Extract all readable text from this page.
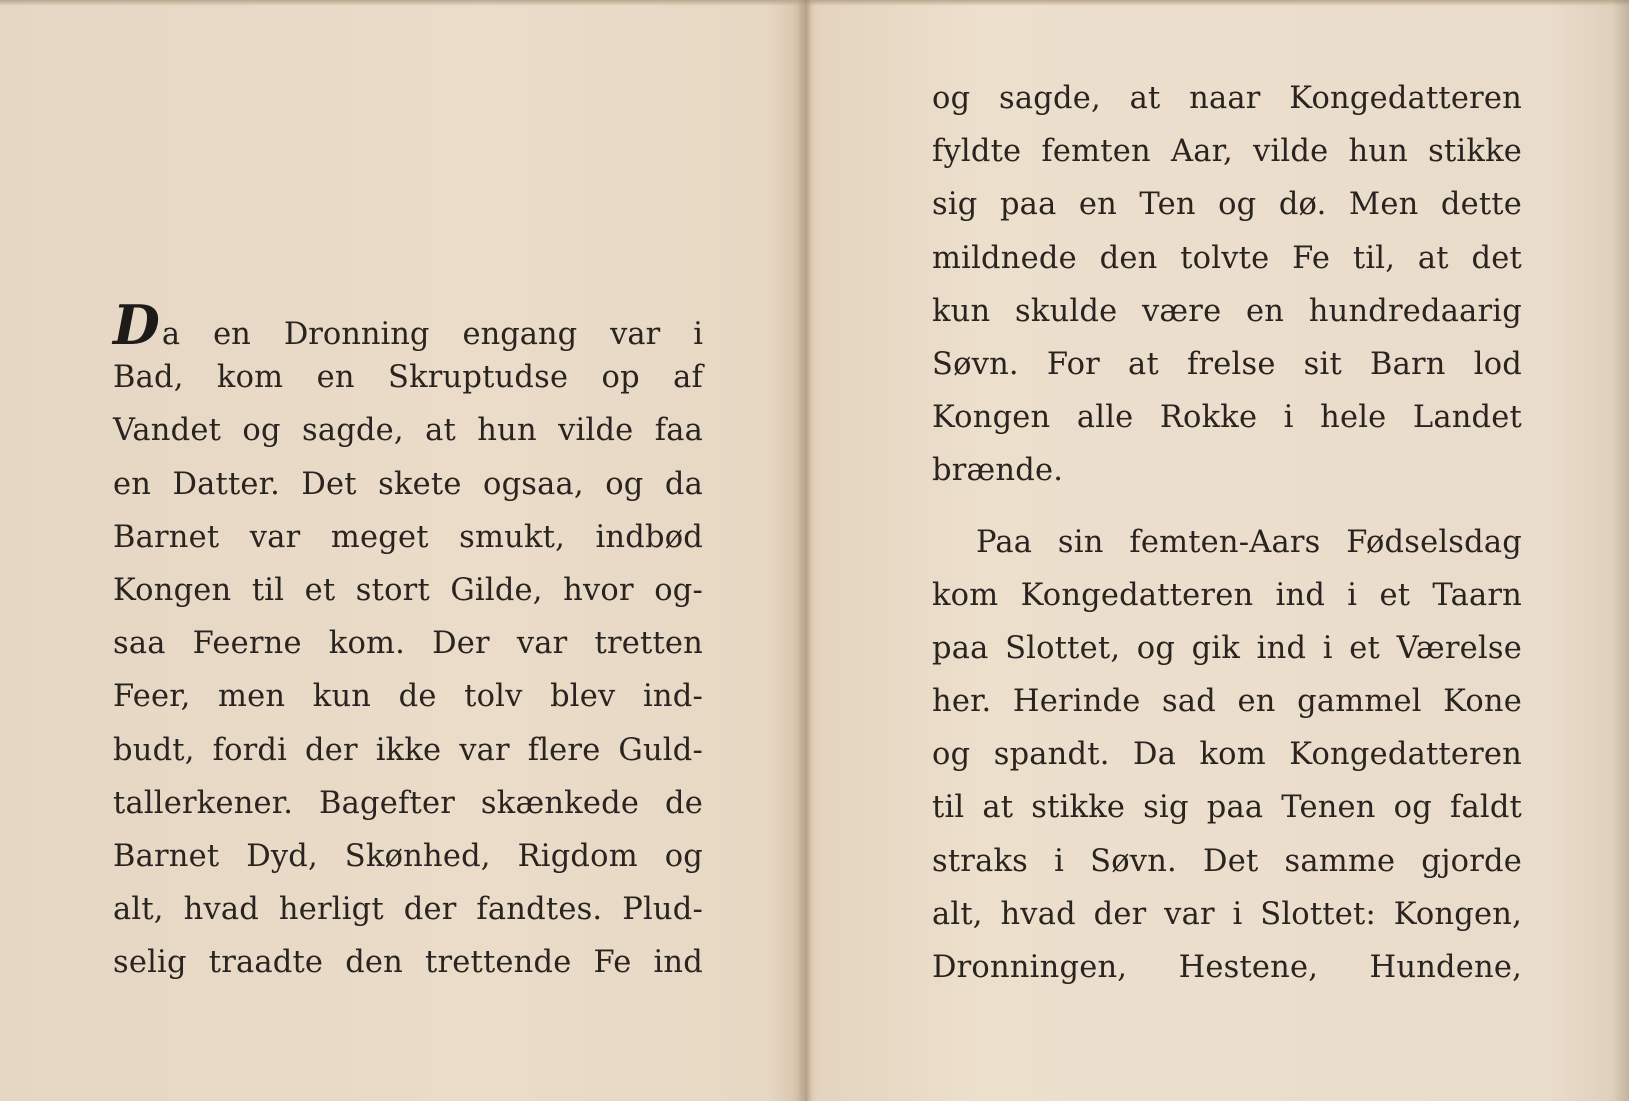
Da en Dronning engang var i
Bad, kom en Skruptudse op af
Vandet og sagde, at hun vilde faa
en Datter. Det skete ogsaa, og da
Barnet var meget smukt, indbød
Kongen til et stort Gilde, hvor og-
saa Feerne kom. Der var tretten
Feer, men kun de tolv blev ind-
budt, fordi der ikke var flere Guld-
tallerkener. Bagefter skænkede de
Barnet Dyd, Skønhed, Rigdom og
alt, hvad herligt der fandtes. Plud-
selig traadte den trettende Fe ind
og sagde, at naar Kongedatteren
fyldte femten Aar, vilde hun stikke
sig paa en Ten og dø. Men dette
mildnede den tolvte Fe til, at det
kun skulde være en hundredaarig
Søvn. For at frelse sit Barn lod
Kongen alle Rokke i hele Landet
brænde.
Paa sin femten-Aars Fødselsdag
kom Kongedatteren ind i et Taarn
paa Slottet, og gik ind i et Værelse
her. Herinde sad en gammel Kone
og spandt. Da kom Kongedatteren
til at stikke sig paa Tenen og faldt
straks i Søvn. Det samme gjorde
alt, hvad der var i Slottet: Kongen,
Dronningen, Hestene, Hundene,
